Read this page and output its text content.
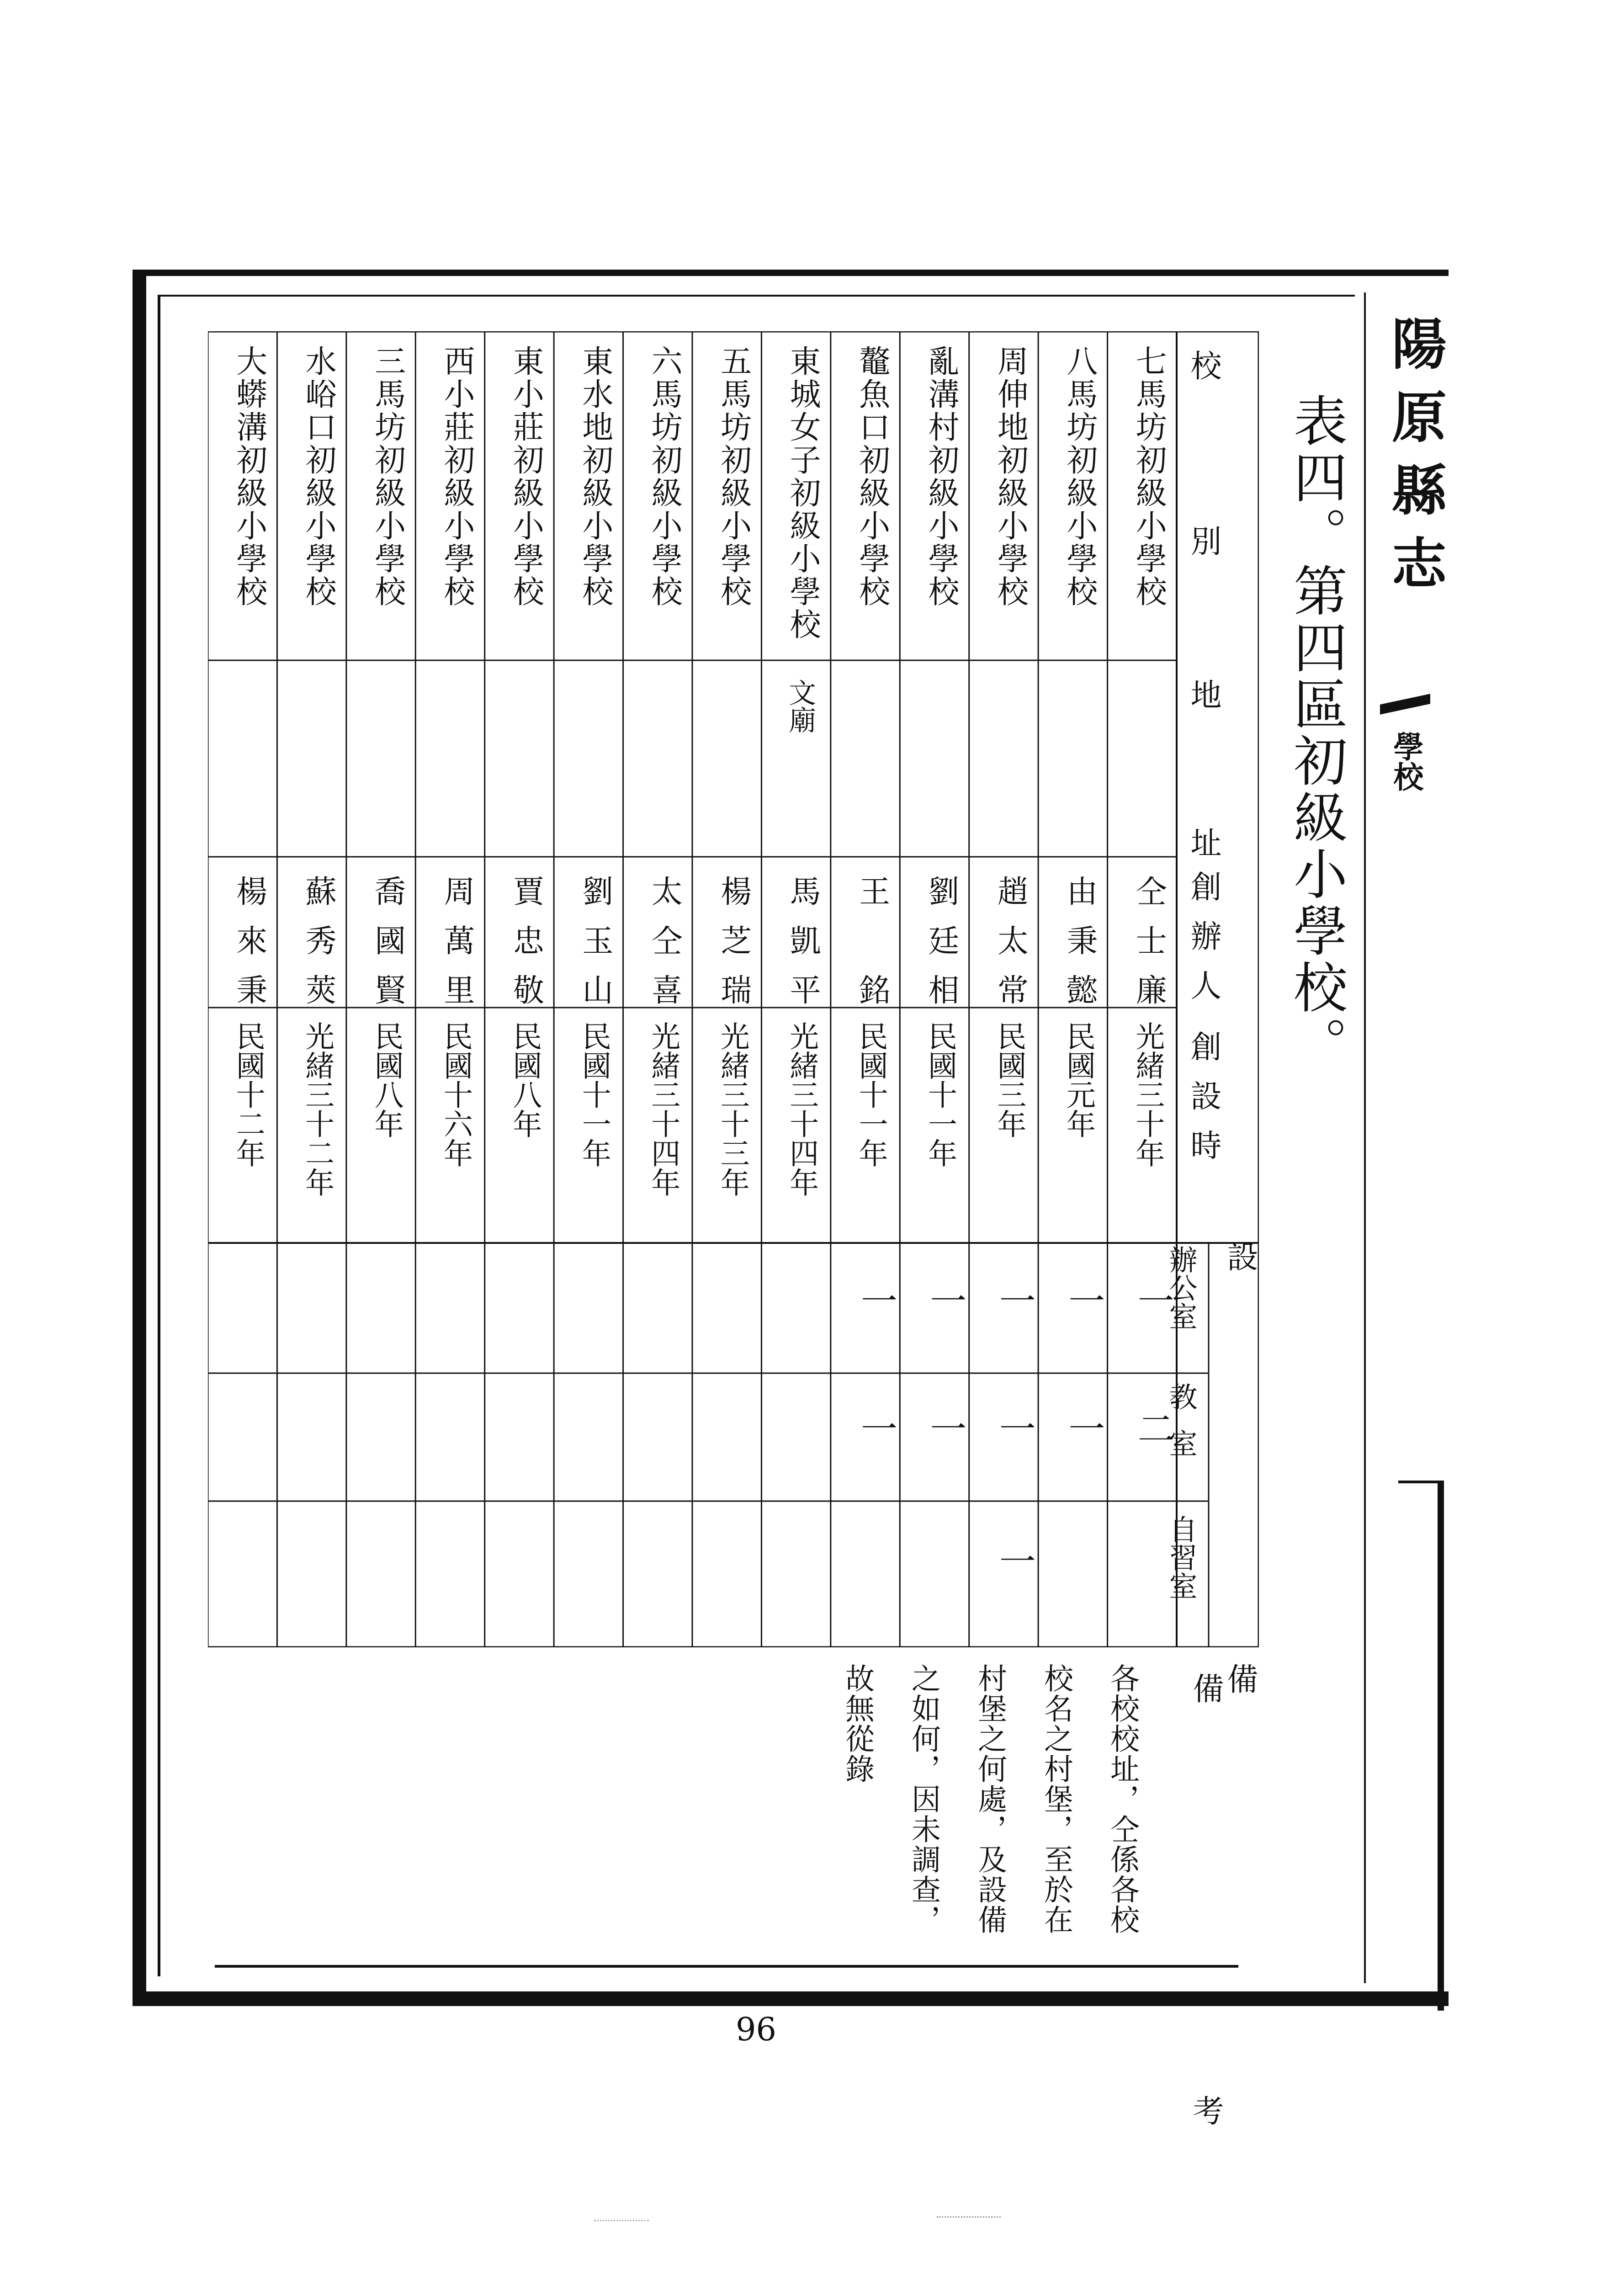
陽原縣志
學校
表四。第四區初級小學校。
校　　別
地　　址
創辦人
創設時
設　　備
辦公室
教室
自習室
七馬坊初級小學校
仝士廉
光緒三十年
一
二
八馬坊初級小學校
由秉懿
民國元年
一
一
周伸地初級小學校
趙太常
民國三年
一
一
一
亂溝村初級小學校
劉廷相
民國十一年
一
一
鼇魚口初級小學校
王　銘
民國十一年
一
一
東城女子初級小學校
文廟
馬凱平
光緒三十四年
五馬坊初級小學校
楊芝瑞
光緒三十三年
六馬坊初級小學校
太仝喜
光緒三十四年
東水地初級小學校
劉玉山
民國十一年
東小莊初級小學校
賈忠敬
民國八年
西小莊初級小學校
周萬里
民國十六年
三馬坊初級小學校
喬國賢
民國八年
水峪口初級小學校
蘇秀莢
光緒三十二年
大蟒溝初級小學校
楊來秉
民國十二年
備　　考
各校校址，仝係各校
校名之村堡，至於在
村堡之何處，及設備
之如何，因未調查，
故無從錄
96
